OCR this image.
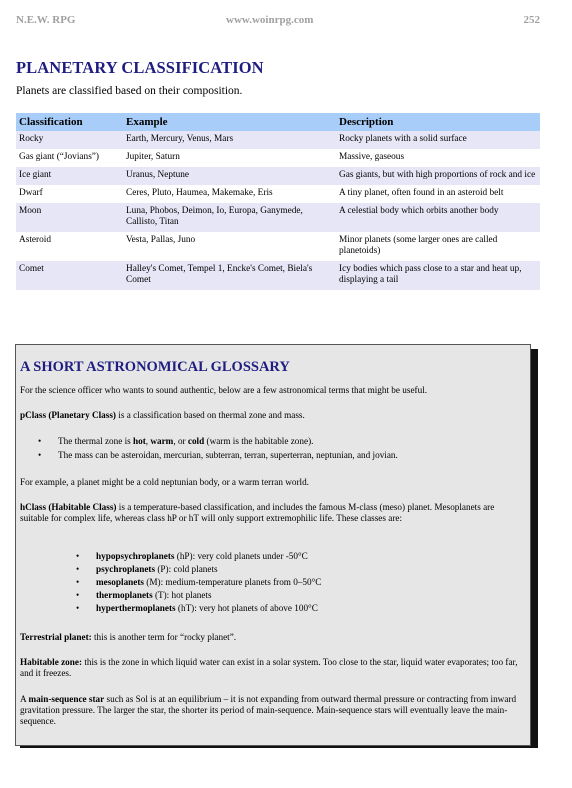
N.E.W. RPG	www.woinrpg.com	252
PLANETARY CLASSIFICATION

Planets are classified based on their composition.

Classification	Example	Description
Rocky	Earth, Mercury, Venus, Mars	Rocky planets with a solid surface
Gas giant (“Jovians”)	Jupiter, Saturn	Massive, gaseous
Ice giant	Uranus, Neptune	Gas giants, but with high proportions of rock and ice
Dwarf	Ceres, Pluto, Haumea, Makemake, Eris	A tiny planet, often found in an asteroid belt
Moon	Luna, Phobos, Deimon, Io, Europa, Ganymede, Callisto, Titan	A celestial body which orbits another body
Asteroid	Vesta, Pallas, Juno	Minor planets (some larger ones are called planetoids)
Comet	Halley's Comet, Tempel 1, Encke's Comet, Biela's Comet	Icy bodies which pass close to a star and heat up, displaying a tail
A SHORT ASTRONOMICAL GLOSSARY

For the science officer who wants to sound authentic, below are a few astronomical terms that might be useful.

pClass (Planetary Class) is a classification based on thermal zone and mass.

• The thermal zone is hot, warm, or cold (warm is the habitable zone).
• The mass can be asteroidan, mercurian, subterran, terran, superterran, neptunian, and jovian.

For example, a planet might be a cold neptunian body, or a warm terran world.

hClass (Habitable Class) is a temperature-based classification, and includes the famous M-class (meso) planet. Mesoplanets are suitable for complex life, whereas class hP or hT will only support extremophilic life. These classes are:

• hypopsychroplanets (hP): very cold planets under -50°C
• psychroplanets (P): cold planets
• mesoplanets (M): medium-temperature planets from 0–50°C
• thermoplanets (T): hot planets
• hyperthermoplanets (hT): very hot planets of above 100°C

Terrestrial planet: this is another term for “rocky planet”.

Habitable zone: this is the zone in which liquid water can exist in a solar system. Too close to the star, liquid water evaporates; too far, and it freezes.

A main-sequence star such as Sol is at an equilibrium – it is not expanding from outward thermal pressure or contracting from inward gravitation pressure. The larger the star, the shorter its period of main-sequence. Main-sequence stars will eventually leave the main-sequence.
